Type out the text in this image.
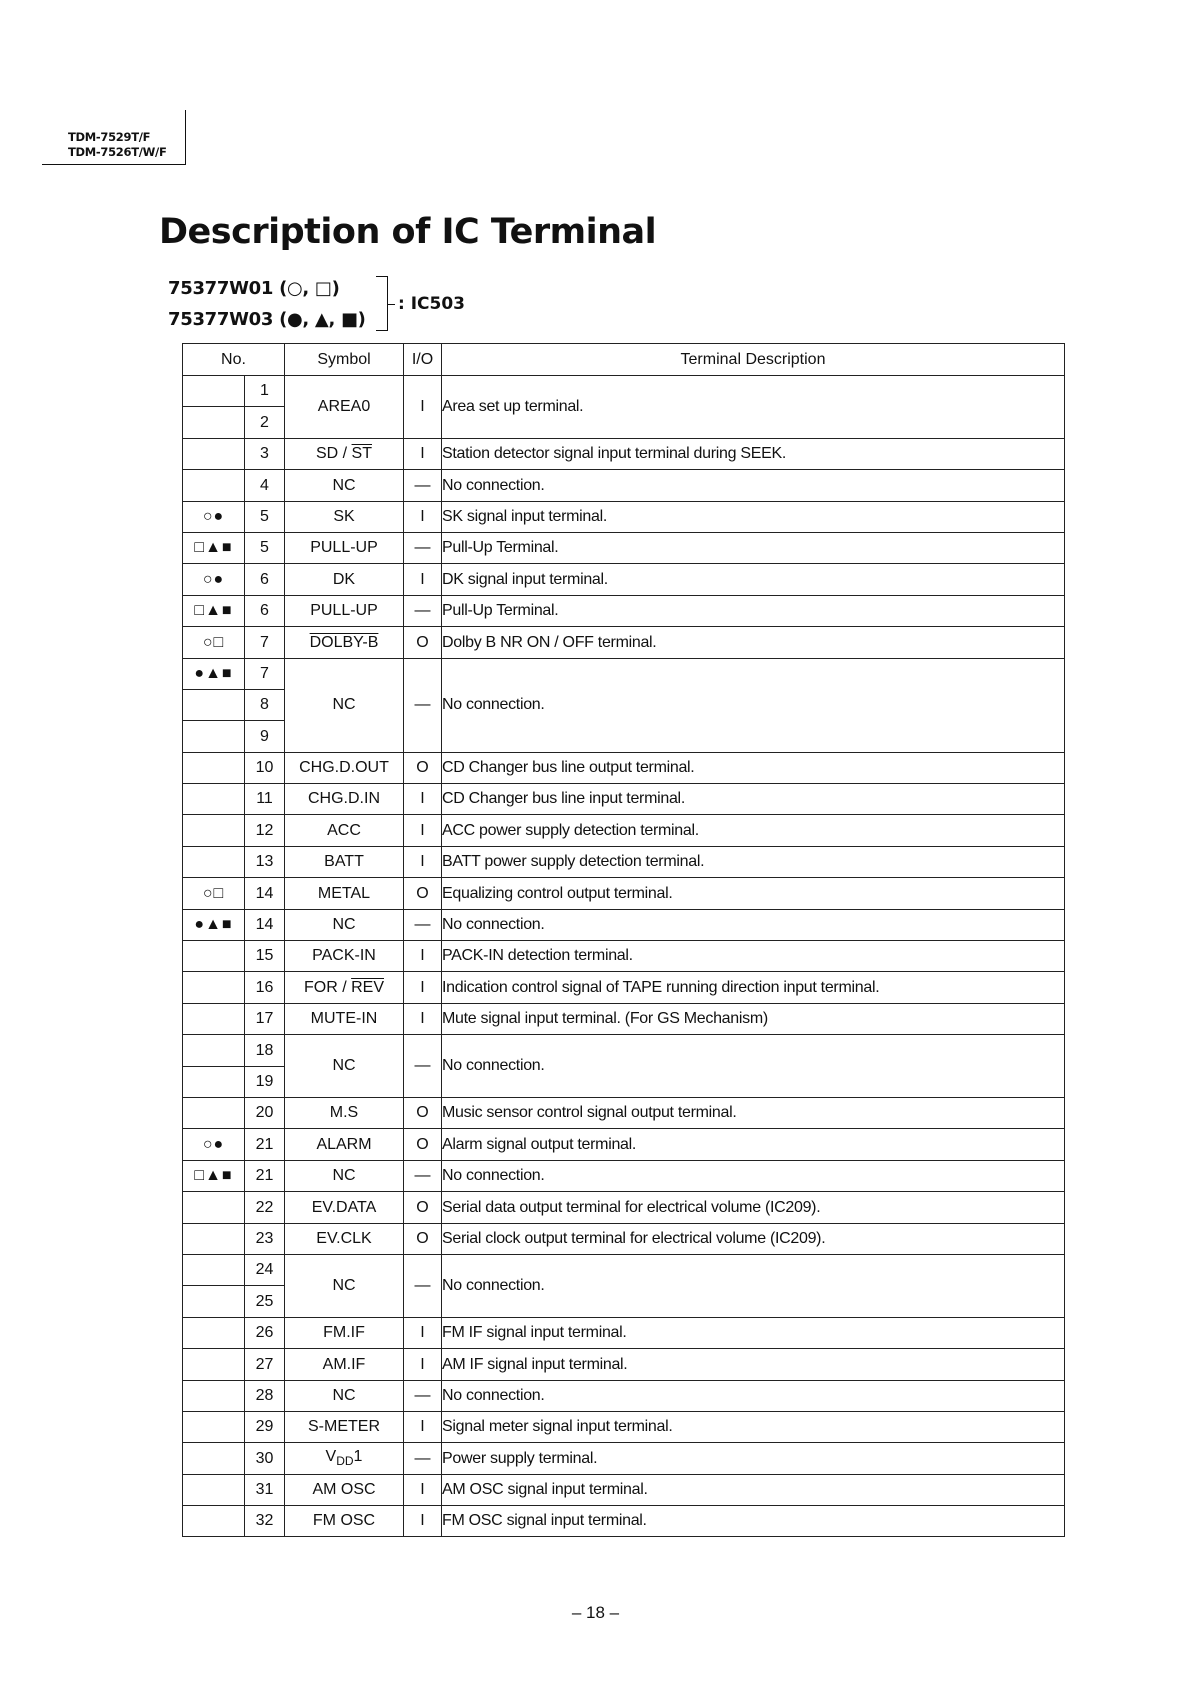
TDM-7529T/F
TDM-7526T/W/F
Description of IC Terminal
75377W01 (○, □)
75377W03 (●, ▲, ■)
: IC503
No.		Symbol	I/O	Terminal Description
	1	AREA0	I	Area set up terminal.
	2			
	3	SD / $\overline{ST}$	I	Station detector signal input terminal during SEEK.
	4	NC	—	No connection.
○●	5	SK	I	SK signal input terminal.
□▲■	5	PULL-UP	—	Pull-Up Terminal.
○●	6	DK	I	DK signal input terminal.
□▲■	6	PULL-UP	—	Pull-Up Terminal.
○□	7	DOLBY-B	O	Dolby B NR ON / OFF terminal.
●▲■	7	NC	—	No connection.
	8			
	9			
	10	CHG.D.OUT	O	CD Changer bus line output terminal.
	11	CHG.D.IN	I	CD Changer bus line input terminal.
	12	ACC	I	ACC power supply detection terminal.
	13	BATT	I	BATT power supply detection terminal.
○□	14	METAL	O	Equalizing control output terminal.
●▲■	14	NC	—	No connection.
	15	PACK-IN	I	PACK-IN detection terminal.
	16	FOR / $\overline{REV}$	I	Indication control signal of TAPE running direction input terminal.
	17	MUTE-IN	I	Mute signal input terminal. (For GS Mechanism)
	18	NC	—	No connection.
	19			
	20	M.S	O	Music sensor control signal output terminal.
○●	21	ALARM	O	Alarm signal output terminal.
□▲■	21	NC	—	No connection.
	22	EV.DATA	O	Serial data output terminal for electrical volume (IC209).
	23	EV.CLK	O	Serial clock output terminal for electrical volume (IC209).
	24	NC	—	No connection.
	25			
	26	FM.IF	I	FM IF signal input terminal.
	27	AM.IF	I	AM IF signal input terminal.
	28	NC	—	No connection.
	29	S-METER	I	Signal meter signal input terminal.
	30	$V_{DD}1$	—	Power supply terminal.
	31	AM OSC	I	AM OSC signal input terminal.
	32	FM OSC	I	FM OSC signal input terminal.
– 18 –
